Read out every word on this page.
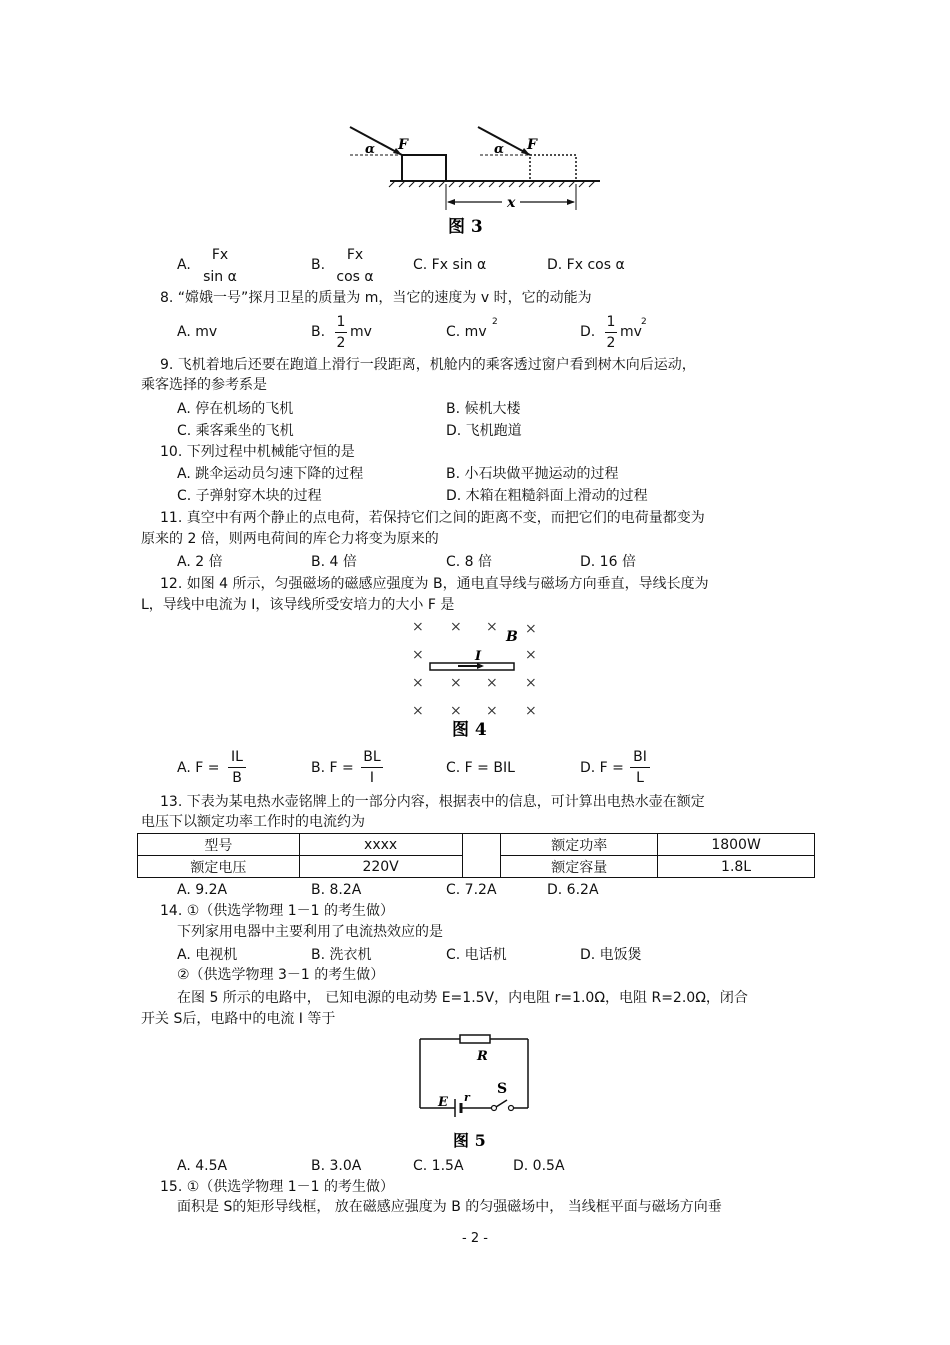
α F	α F
x
图 3
A.
Fx
sin α
B.
Fx
cos α
C. Fx sin α	D. Fx cos α
8. “嫦娥一号”探月卫星的质量为 m，当它的速度为 v 时，它的动能为
A. mv	B.
1
2
mv	C. mv
2
D.
1
2
mv
2
9. 飞机着地后还要在跑道上滑行一段距离，机舱内的乘客透过窗户看到树木向后运动，
乘客选择的参考系是
A. 停在机场的飞机	B. 候机大楼
C. 乘客乘坐的飞机	D. 飞机跑道
10. 下列过程中机械能守恒的是
A. 跳伞运动员匀速下降的过程	B. 小石块做平抛运动的过程
C. 子弹射穿木块的过程	D. 木箱在粗糙斜面上滑动的过程
11. 真空中有两个静止的点电荷，若保持它们之间的距离不变，而把它们的电荷量都变为
原来的 2 倍，则两电荷间的库仑力将变为原来的
A. 2 倍	B. 4 倍	C. 8 倍	D. 16 倍
12. 如图 4 所示，匀强磁场的磁感应强度为 B，通电直导线与磁场方向垂直，导线长度为
L，导线中电流为 I，该导线所受安培力的大小 F 是
× × × ×
×	×
× × × ×
× × × ×
B
I
图 4
A. F =
IL
B
B. F =
BL
I
C. F = BIL	D. F =
BI
L
13. 下表为某电热水壶铭牌上的一部分内容，根据表中的信息，可计算出电热水壶在额定
电压下以额定功率工作时的电流约为
型号	xxxx		额定功率	1800W
额定电压	220V		额定容量	1.8L
A. 9.2A	B. 8.2A	C. 7.2A	D. 6.2A
14. ①（供选学物理 1－1 的考生做）
下列家用电器中主要利用了电流热效应的是
A. 电视机	B. 洗衣机	C. 电话机	D. 电饭煲
②（供选学物理 3－1 的考生做）
在图 5 所示的电路中， 已知电源的电动势 E=1.5V，内电阻 r=1.0Ω，电阻 R=2.0Ω，闭合
开关 S后，电路中的电流 I 等于
R
E r
S
图 5
A. 4.5A	B. 3.0A	C. 1.5A	D. 0.5A
15. ①（供选学物理 1－1 的考生做）
面积是 S的矩形导线框， 放在磁感应强度为 B 的匀强磁场中， 当线框平面与磁场方向垂
- 2 -
